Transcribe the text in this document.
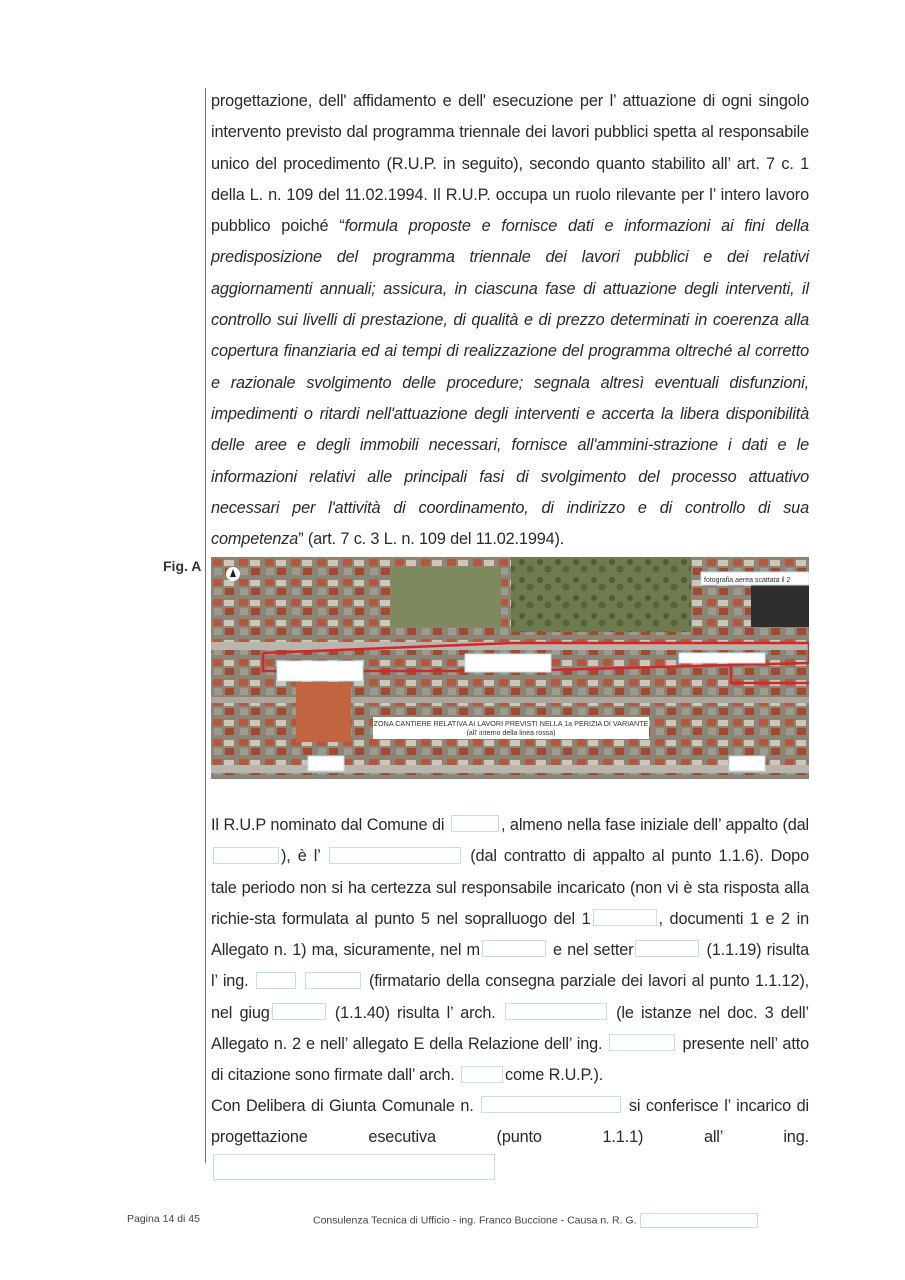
progettazione, dell' affidamento e dell' esecuzione per l’ attuazione di ogni singolo intervento previsto dal programma triennale dei lavori pubblici spetta al responsabile unico del procedimento (R.U.P. in seguito), secondo quanto stabilito all’ art. 7 c. 1 della L. n. 109 del 11.02.1994. Il R.U.P. occupa un ruolo rilevante per l’ intero lavoro pubblico poiché “formula proposte e fornisce dati e informazioni ai fini della predisposizione del programma triennale dei lavori pubblici e dei relativi aggiornamenti annuali; assicura, in ciascuna fase di attuazione degli interventi, il controllo sui livelli di prestazione, di qualità e di prezzo determinati in coerenza alla copertura finanziaria ed ai tempi di realizzazione del programma oltreché al corretto e razionale svolgimento delle procedure; segnala altresì eventuali disfunzioni, impedimenti o ritardi nell'attuazione degli interventi e accerta la libera disponibilità delle aree e degli immobili necessari, fornisce all'ammini-strazione i dati e le informazioni relativi alle principali fasi di svolgimento del processo attuativo necessari per l'attività di coordinamento, di indirizzo e di controllo di sua competenza” (art. 7 c. 3 L. n. 109 del 11.02.1994).

Fig. A
fotografia aerea scattata il 2
ZONA CANTIERE RELATIVA AI LAVORI PREVISTI NELLA 1a PERIZIA DI VARIANTE
(all' interno della linea rossa)

Il R.U.P nominato dal Comune di	, almeno nella fase iniziale dell’ appalto (dal ), è l’	(dal contratto di appalto al punto 1.1.6). Dopo tale periodo non si ha certezza sul responsabile incaricato (non vi è sta risposta alla richie-sta formulata al punto 5 nel sopralluogo del 1	, documenti 1 e 2 in Allegato n. 1) ma, sicuramente, nel m	e nel setter	(1.1.19) risulta l’ ing.	(firmatario della consegna parziale dei lavori al punto 1.1.12), nel giug	(1.1.40) risulta l’ arch.	(le istanze nel doc. 3 dell’ Allegato n. 2 e nell’ allegato E della Relazione dell’ ing.	presente nell’ atto di citazione sono firmate dall’ arch.	come R.U.P.).

Con Delibera di Giunta Comunale n.	si conferisce l’ incarico di progettazione esecutiva (punto 1.1.1) all’ ing.

Pagina 14 di 45	Consulenza Tecnica di Ufficio - ing. Franco Buccione - Causa n. R. G.
